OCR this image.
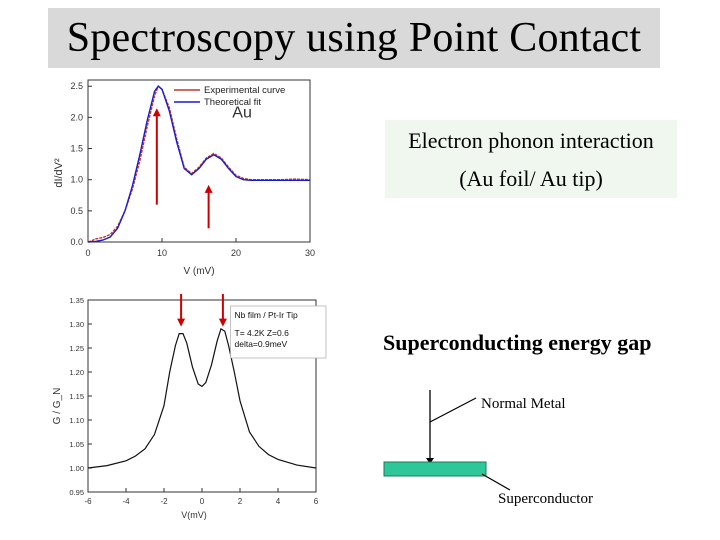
Spectroscopy using Point Contact
0.0
0.5
1.0
1.5
2.0
2.5
0	10	20	30
V (mV)
dI/dV²
Experimental curve
Theoretical fit
Au
0.95
1.00
1.05
1.10
1.15
1.20
1.25
1.30
1.35
-6	-4	-2	0	2	4	6
V(mV)
G / G_N
Nb film / Pt-Ir Tip
T= 4.2K Z=0.6
delta=0.9meV
Electron phonon interaction
(Au foil/ Au tip)
Superconducting energy gap
Normal Metal
Superconductor
